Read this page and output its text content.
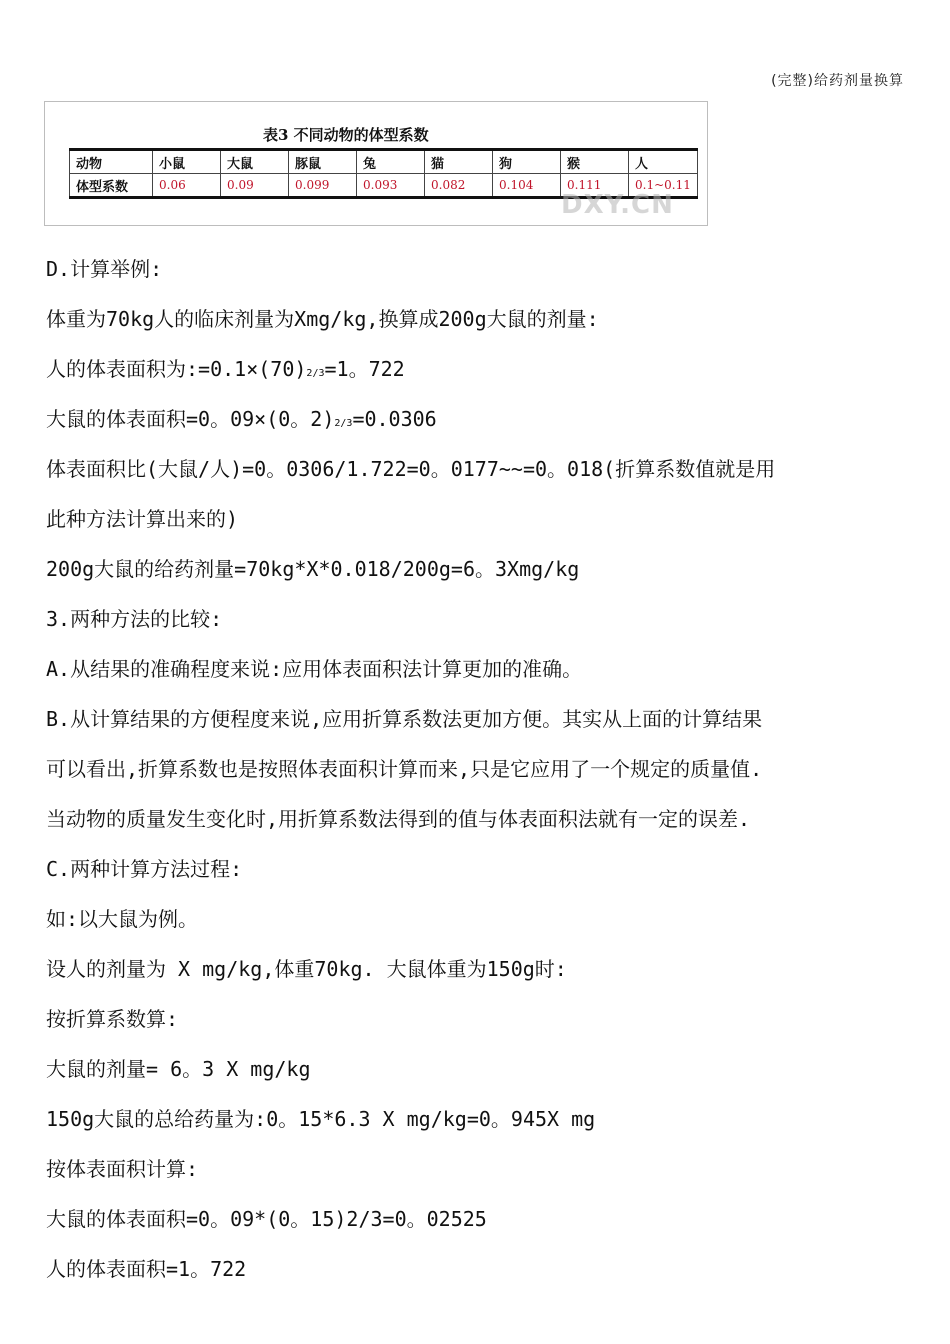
(完整)给药剂量换算
表3 不同动物的体型系数
动物	小鼠	大鼠	豚鼠	兔	猫	狗	猴	人
体型系数	0.06	0.09	0.099	0.093	0.082	0.104	0.111	0.1~0.11
DXY.CN
D.计算举例:
体重为70kg人的临床剂量为Xmg/kg,换算成200g大鼠的剂量:
人的体表面积为:=0.1×(70)2/3=1。722
大鼠的体表面积=0。09×(0。2)2/3=0.0306
体表面积比(大鼠/人)=0。0306/1.722=0。0177~~=0。018(折算系数值就是用
此种方法计算出来的)
200g大鼠的给药剂量=70kg*X*0.018/200g=6。3Xmg/kg
3.两种方法的比较:
A.从结果的准确程度来说:应用体表面积法计算更加的准确。
B.从计算结果的方便程度来说,应用折算系数法更加方便。其实从上面的计算结果
可以看出,折算系数也是按照体表面积计算而来,只是它应用了一个规定的质量值.
当动物的质量发生变化时,用折算系数法得到的值与体表面积法就有一定的误差.
C.两种计算方法过程:
如:以大鼠为例。
设人的剂量为 X mg/kg,体重70kg. 大鼠体重为150g时:
按折算系数算:
大鼠的剂量= 6。3 X mg/kg
150g大鼠的总给药量为:0。15*6.3 X mg/kg=0。945X mg
按体表面积计算:
大鼠的体表面积=0。09*(0。15)2/3=0。02525
人的体表面积=1。722
